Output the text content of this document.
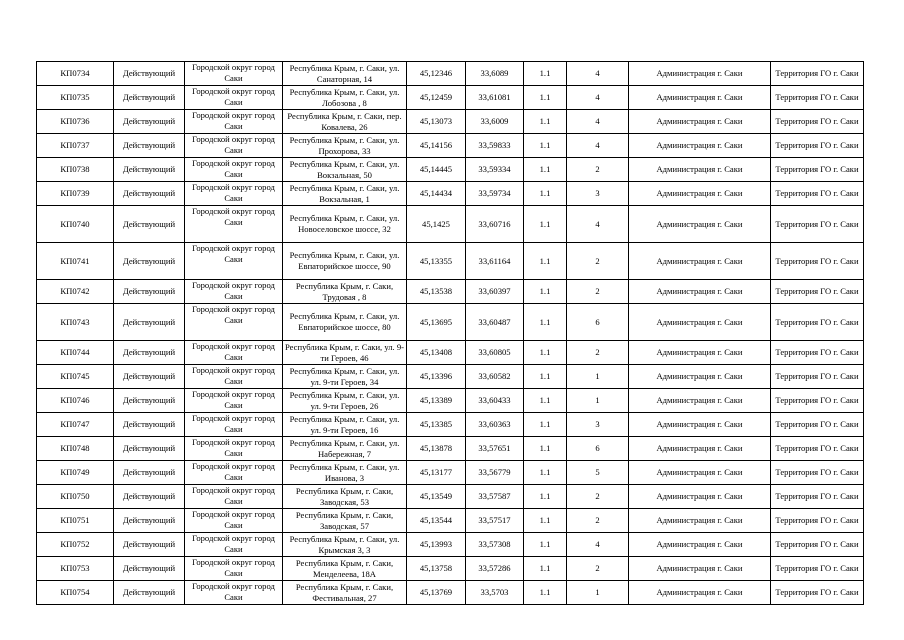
КП0734	Действующий	Городской округ город Саки	Республика Крым, г. Саки, ул. Санаторная, 14	45,12346	33,6089	1.1	4	Администрация г. Саки	Территория ГО г. Саки
КП0735	Действующий	Городской округ город Саки	Республика Крым, г. Саки, ул. Лобозова , 8	45,12459	33,61081	1.1	4	Администрация г. Саки	Территория ГО г. Саки
КП0736	Действующий	Городской округ город Саки	Республика Крым, г. Саки, пер. Ковалева, 26	45,13073	33,6009	1.1	4	Администрация г. Саки	Территория ГО г. Саки
КП0737	Действующий	Городской округ город Саки	Республика Крым, г. Саки, ул. Прохорова, 33	45,14156	33,59833	1.1	4	Администрация г. Саки	Территория ГО г. Саки
КП0738	Действующий	Городской округ город Саки	Республика Крым, г. Саки, ул. Вокзальная, 50	45,14445	33,59334	1.1	2	Администрация г. Саки	Территория ГО г. Саки
КП0739	Действующий	Городской округ город Саки	Республика Крым, г. Саки, ул. Вокзальная, 1	45,14434	33,59734	1.1	3	Администрация г. Саки	Территория ГО г. Саки
КП0740	Действующий	Городской округ город Саки	Республика Крым, г. Саки, ул. Новоселовское шоссе, 32	45,1425	33,60716	1.1	4	Администрация г. Саки	Территория ГО г. Саки
КП0741	Действующий	Городской округ город Саки	Республика Крым, г. Саки, ул. Евпаторийское шоссе, 90	45,13355	33,61164	1.1	2	Администрация г. Саки	Территория ГО г. Саки
КП0742	Действующий	Городской округ город Саки	Республика Крым, г. Саки, Трудовая , 8	45,13538	33,60397	1.1	2	Администрация г. Саки	Территория ГО г. Саки
КП0743	Действующий	Городской округ город Саки	Республика Крым, г. Саки, ул. Евпаторийское шоссе, 80	45,13695	33,60487	1.1	6	Администрация г. Саки	Территория ГО г. Саки
КП0744	Действующий	Городской округ город Саки	Республика Крым, г. Саки, ул. 9-ти Героев, 46	45,13408	33,60805	1.1	2	Администрация г. Саки	Территория ГО г. Саки
КП0745	Действующий	Городской округ город Саки	Республика Крым, г. Саки, ул. ул. 9-ти Героев, 34	45,13396	33,60582	1.1	1	Администрация г. Саки	Территория ГО г. Саки
КП0746	Действующий	Городской округ город Саки	Республика Крым, г. Саки, ул. ул. 9-ти Героев, 26	45,13389	33,60433	1.1	1	Администрация г. Саки	Территория ГО г. Саки
КП0747	Действующий	Городской округ город Саки	Республика Крым, г. Саки, ул. ул. 9-ти Героев, 16	45,13385	33,60363	1.1	3	Администрация г. Саки	Территория ГО г. Саки
КП0748	Действующий	Городской округ город Саки	Республика Крым, г. Саки, ул. Набережная, 7	45,13878	33,57651	1.1	6	Администрация г. Саки	Территория ГО г. Саки
КП0749	Действующий	Городской округ город Саки	Республика Крым, г. Саки, ул. Иванова, 3	45,13177	33,56779	1.1	5	Администрация г. Саки	Территория ГО г. Саки
КП0750	Действующий	Городской округ город Саки	Республика Крым, г. Саки, Заводская, 53	45,13549	33,57587	1.1	2	Администрация г. Саки	Территория ГО г. Саки
КП0751	Действующий	Городской округ город Саки	Республика Крым, г. Саки, Заводская, 57	45,13544	33,57517	1.1	2	Администрация г. Саки	Территория ГО г. Саки
КП0752	Действующий	Городской округ город Саки	Республика Крым, г. Саки, ул. Крымская 3, 3	45,13993	33,57308	1.1	4	Администрация г. Саки	Территория ГО г. Саки
КП0753	Действующий	Городской округ город Саки	Республика Крым, г. Саки, Менделеева, 18А	45,13758	33,57286	1.1	2	Администрация г. Саки	Территория ГО г. Саки
КП0754	Действующий	Городской округ город Саки	Республика Крым, г. Саки, Фестивальная, 27	45,13769	33,5703	1.1	1	Администрация г. Саки	Территория ГО г. Саки
